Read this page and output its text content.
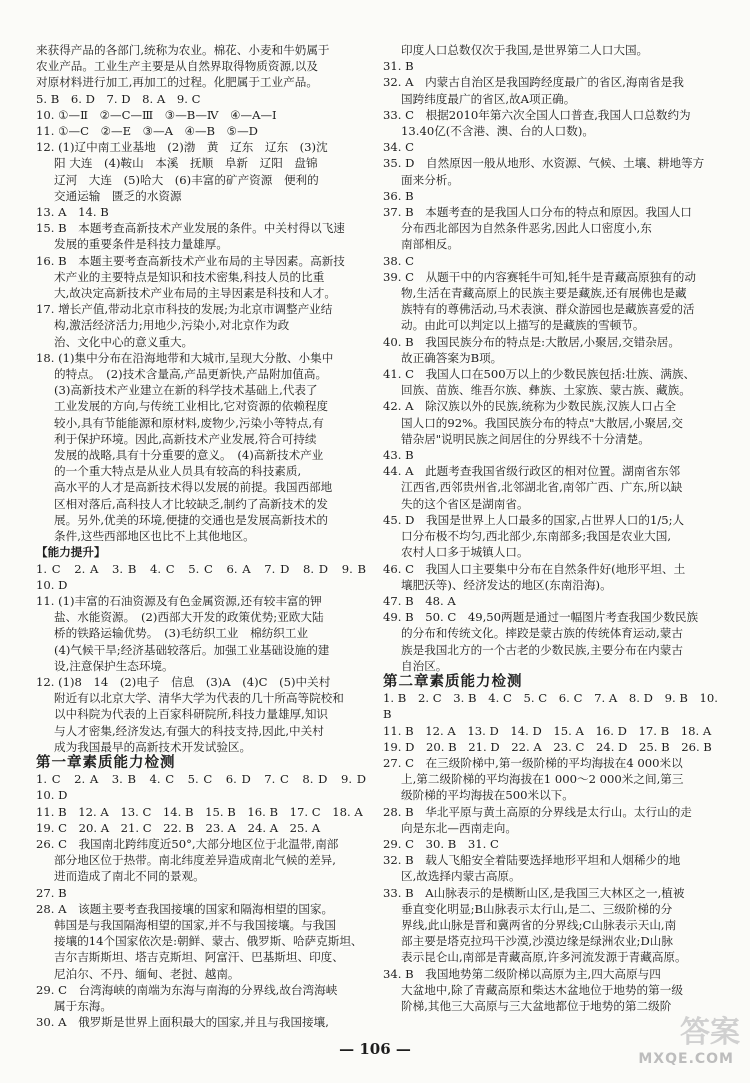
来获得产品的各部门,统称为农业。棉花、小麦和牛奶属于

农业产品。工业生产主要是从自然界取得物质资源,以及

对原材料进行加工,再加工的过程。化肥属于工业产品。

5. B　6. D　7. D　8. A　9. C

10. ①—Ⅱ　②—C—Ⅲ　③—B—Ⅳ　④—A—Ⅰ

11. ①—C　②—E　③—A　④—B　⑤—D

12. (1)辽中南工业基地　(2)渤　黄　辽东　辽东　(3)沈

阳 大连　(4)鞍山　本溪　抚顺　阜新　辽阳　盘锦

辽河　大连　(5)哈大　(6)丰富的矿产资源　便利的

交通运输　匮乏的水资源

13. A　14. B

15. B　本题考查高新技术产业发展的条件。中关村得以飞速

发展的重要条件是科技力量雄厚。

16. B　本题主要考查高新技术产业布局的主导因素。高新技

术产业的主要特点是知识和技术密集,科技人员的比重

大,故决定高新技术产业布局的主导因素是科技和人才。

17. 增长产值,带动北京市科技的发展;为北京市调整产业结

构,激活经济活力;用地少,污染小,对北京作为政

治、文化中心的意义重大。

18. (1)集中分布在沿海地带和大城市,呈现大分散、小集中

的特点。　(2)技术含量高,产品更新快,产品附加值高。

(3)高新技术产业建立在新的科学技术基础上,代表了

工业发展的方向,与传统工业相比,它对资源的依赖程度

较小,具有节能能源和原材料,废物少,污染小等特点,有

利于保护环境。因此,高新技术产业发展,符合可持续

发展的战略,具有十分重要的意义。　(4)高新技术产业

的一个重大特点是从业人员具有较高的科技素质,

高水平的人才是高新技术得以发展的前提。我国西部地

区相对落后,高科技人才比较缺乏,制约了高新技术的发

展。另外,优美的环境,便捷的交通也是发展高新技术的

条件,这些西部地区也比不上其他地区。

【能力提升】

1. C　2. A　3. B　4. C　5. C　6. A　7. D　8. D　9. B　10. D

11. (1)丰富的石油资源及有色金属资源,还有较丰富的钾

盐、水能资源。　(2)西部大开发的政策优势;亚欧大陆

桥的铁路运输优势。　(3)毛纺织工业　棉纺织工业

(4)气候干旱;经济基础较落后。加强工业基础设施的建

设,注意保护生态环境。

12. (1)8　14　(2)电子　信息　(3)A　(4)C　(5)中关村

附近有以北京大学、清华大学为代表的几十所高等院校和

以中科院为代表的上百家科研院所,科技力量雄厚,知识

与人才密集,经济发达,有强大的科技支持,因此,中关村

成为我国最早的高新技术开发试验区。

第一章素质能力检测

1. C　2. A　3. B　4. C　5. C　6. D　7. C　8. D　9. D　10. D

11. B　12. A　13. C　14. B　15. B　16. B　17. C　18. A

19. C　20. A　21. C　22. B　23. A　24. A　25. A

26. C　我国南北跨纬度近50°,大部分地区位于北温带,南部

部分地区位于热带。南北纬度差异造成南北气候的差异,

进而造成了南北不同的景观。

27. B

28. A　该题主要考查我国接壤的国家和隔海相望的国家。

韩国是与我国隔海相望的国家,并不与我国接壤。与我国

接壤的14个国家依次是:朝鲜、蒙古、俄罗斯、哈萨克斯坦、

吉尔吉斯斯坦、塔吉克斯坦、阿富汗、巴基斯坦、印度、

尼泊尔、不丹、缅甸、老挝、越南。

29. C　台湾海峡的南端为东海与南海的分界线,故台湾海峡

属于东海。

30. A　俄罗斯是世界上面积最大的国家,并且与我国接壤,

印度人口总数仅次于我国,是世界第二人口大国。

31. B

32. A　内蒙古自治区是我国跨经度最广的省区,海南省是我

国跨纬度最广的省区,故A项正确。

33. C　根据2010年第六次全国人口普查,我国人口总数约为

13.40亿(不含港、澳、台的人口数)。

34. C

35. D　自然原因一般从地形、水资源、气候、土壤、耕地等方

面来分析。

36. B

37. B　本题考查的是我国人口分布的特点和原因。我国人口

分布西北部因为自然条件恶劣,因此人口密度小,东

南部相反。

38. C

39. C　从题干中的内容赛牦牛可知,牦牛是青藏高原独有的动

物,生活在青藏高原上的民族主要是藏族,还有展佛也是藏

族特有的尊佛活动,马术表演、群众游园也是藏族喜爱的活

动。由此可以判定以上描写的是藏族的雪顿节。

40. B　我国民族分布的特点是:大散居,小聚居,交错杂居。

故正确答案为B项。

41. C　我国人口在500万以上的少数民族包括:壮族、满族、

回族、苗族、维吾尔族、彝族、土家族、蒙古族、藏族。

42. A　除汉族以外的民族,统称为少数民族,汉族人口占全

国人口的92%。我国民族分布的特点"大散居,小聚居,交

错杂居"说明民族之间居住的分界线不十分清楚。

43. B

44. A　此题考查我国省级行政区的相对位置。湖南省东邻

江西省,西邻贵州省,北邻湖北省,南邻广西、广东,所以缺

失的这个省区是湖南省。

45. D　我国是世界上人口最多的国家,占世界人口的1/5;人

口分布极不均匀,西北部少,东南部多;我国是农业大国,

农村人口多于城镇人口。

46. C　我国人口主要集中分布在自然条件好(地形平坦、土

壤肥沃等)、经济发达的地区(东南沿海)。

47. B　48. A

49. B　50. C　49,50两题是通过一幅图片考查我国少数民族

的分布和传统文化。摔跤是蒙古族的传统体育运动,蒙古

族是我国北方的一个古老的少数民族,主要分布在内蒙古

自治区。

第二章素质能力检测

1. B　2. C　3. B　4. C　5. C　6. C　7. A　8. D　9. B　10. B

11. B　12. A　13. D　14. D　15. A　16. D　17. B　18. A

19. D　20. B　21. D　22. A　23. C　24. D　25. B　26. B

27. C　在三级阶梯中,第一级阶梯的平均海拔在4 000米以

上,第二级阶梯的平均海拔在1 000～2 000米之间,第三

级阶梯的平均海拔在500米以下。

28. B　华北平原与黄土高原的分界线是太行山。太行山的走

向是东北—西南走向。

29. C　30. B　31. C

32. B　载人飞船安全着陆要选择地形平坦和人烟稀少的地

区,故选择内蒙古高原。

33. B　A山脉表示的是横断山区,是我国三大林区之一,植被

垂直变化明显;B山脉表示太行山,是二、三级阶梯的分

界线,此山脉是晋和冀两省的分界线;C山脉表示天山,南

部主要是塔克拉玛干沙漠,沙漠边缘是绿洲农业;D山脉

表示昆仑山,南部是青藏高原,许多河流发源于青藏高原。

34. B　我国地势第二级阶梯以高原为主,四大高原与四

大盆地中,除了青藏高原和柴达木盆地位于地势的第一级

阶梯,其他三大高原与三大盆地都位于地势的第二级阶

— 106 —	答案
MXQE.COM
